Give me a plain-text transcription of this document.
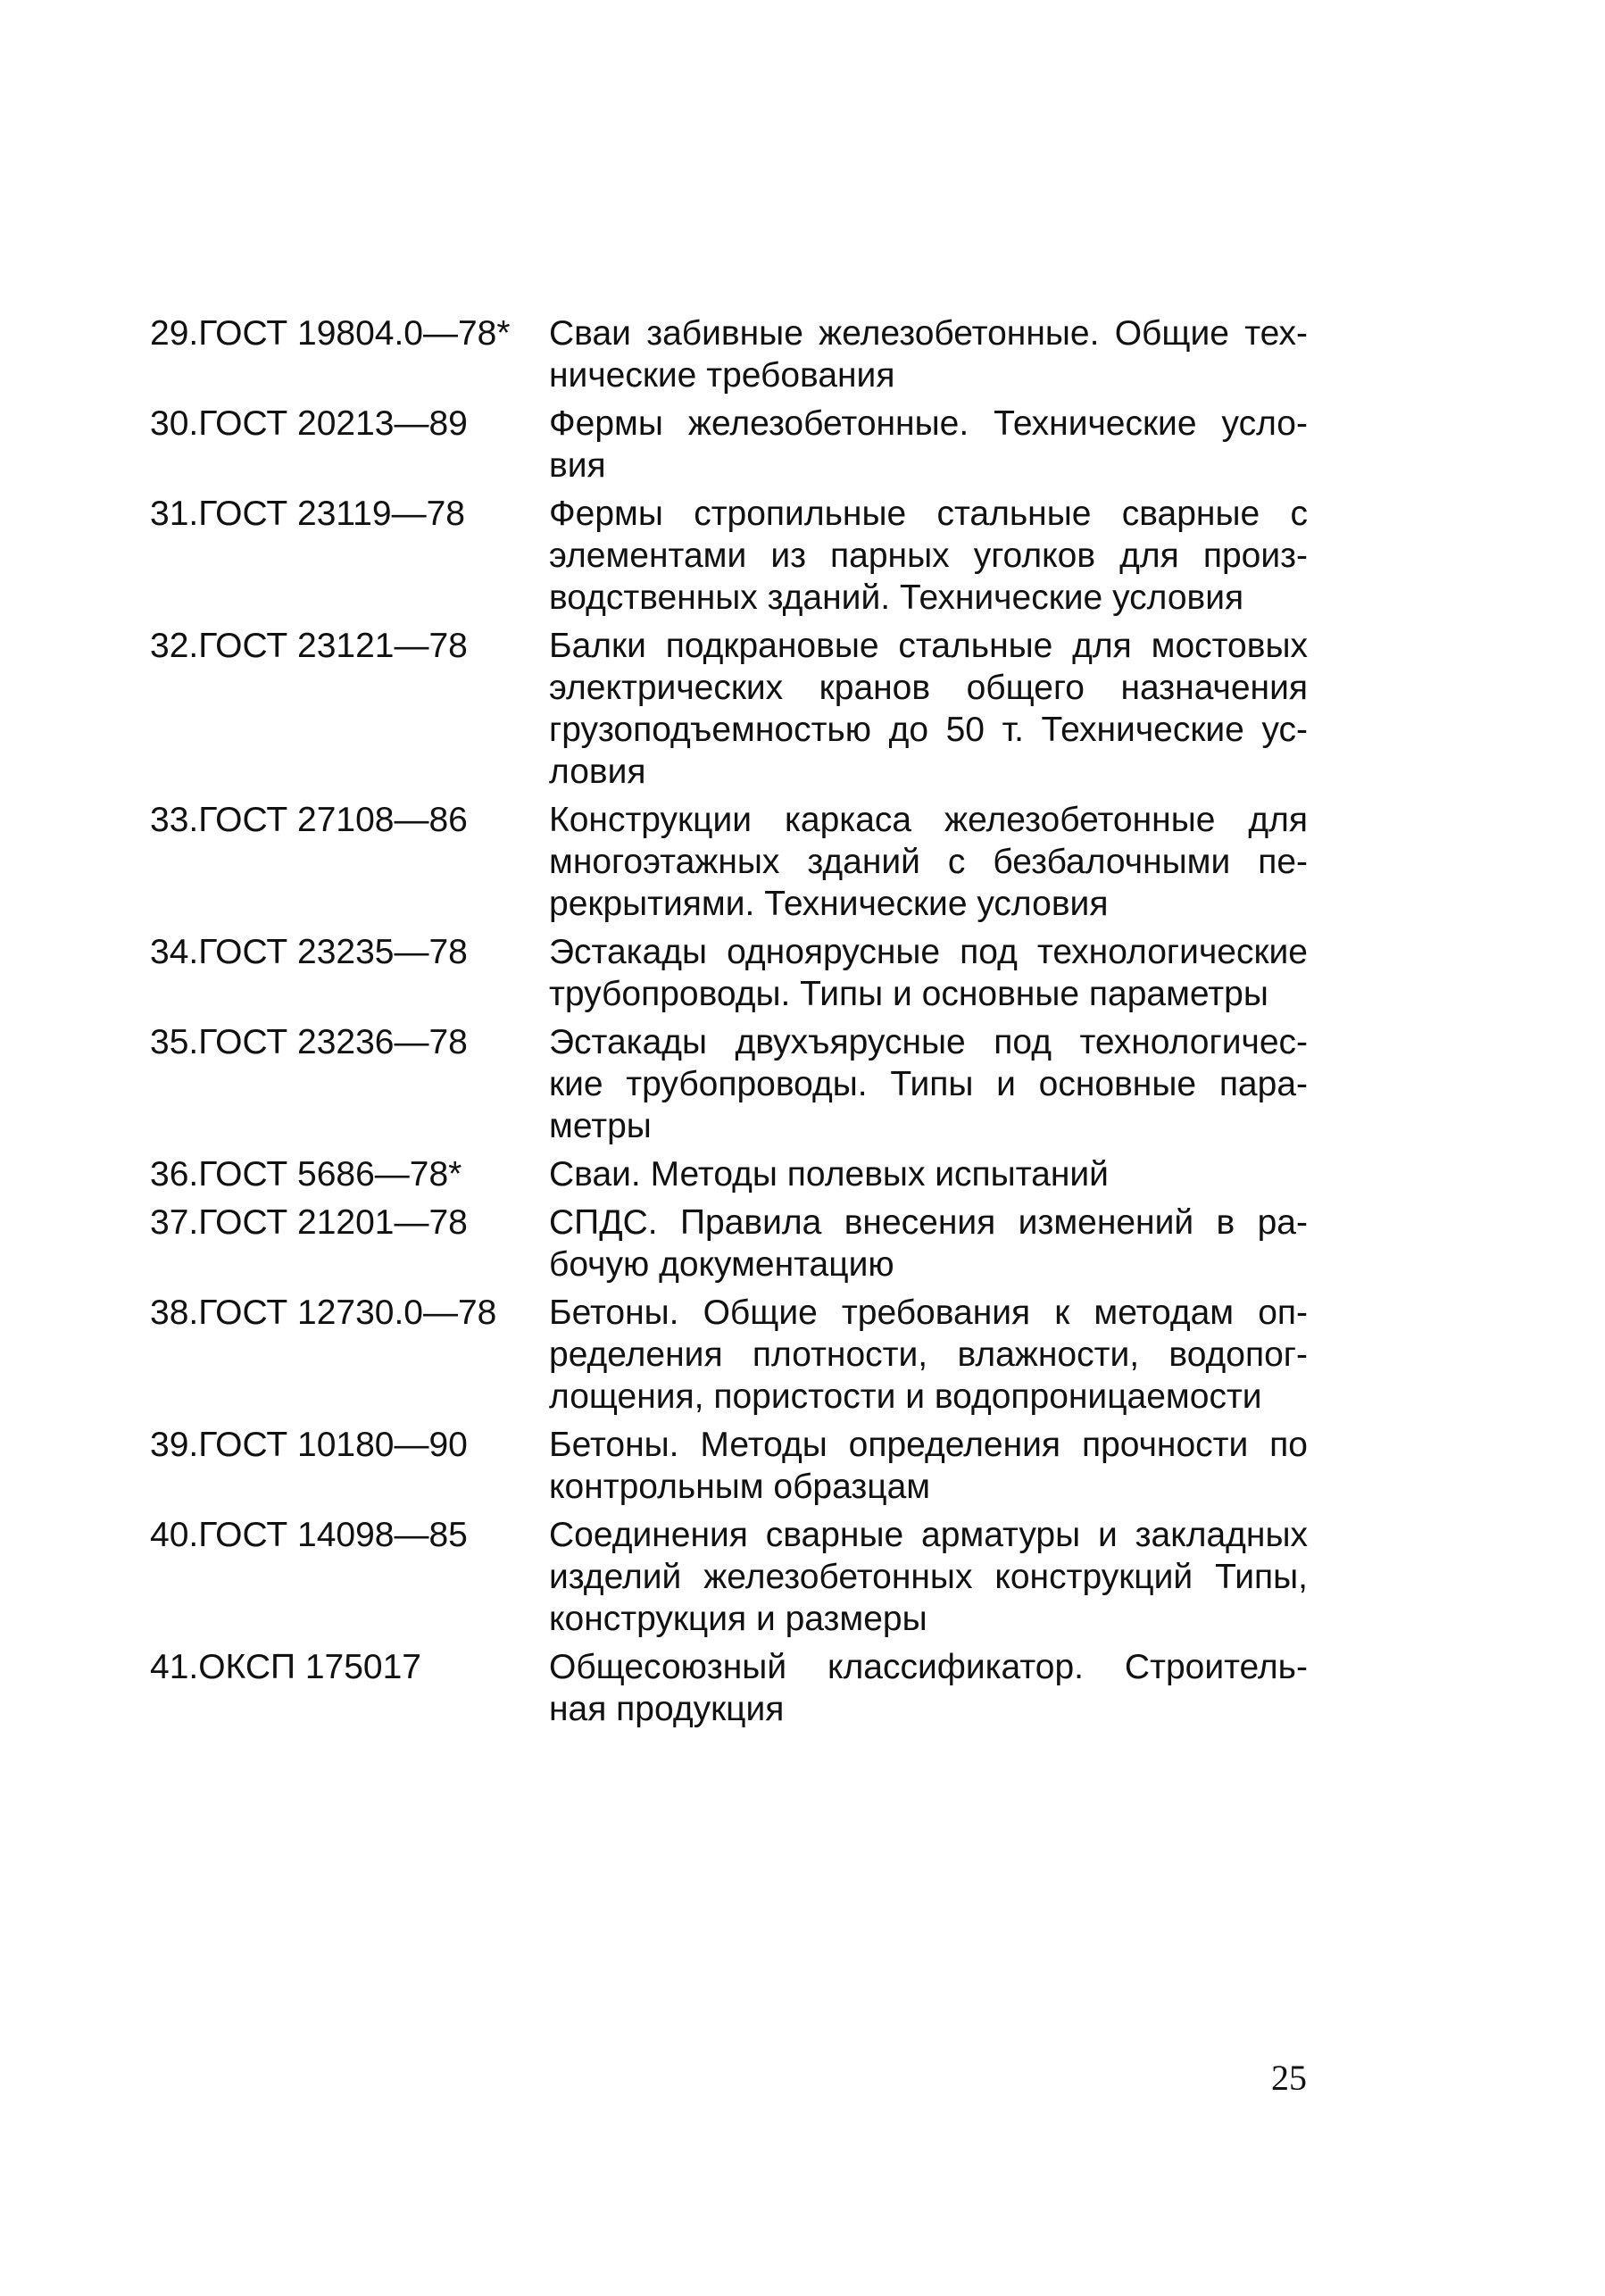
29.ГОСТ 19804.0—78*	Сваи забивные железобетонные. Общие тех-
нические требования
30.ГОСТ 20213—89	Фермы железобетонные. Технические усло-
вия
31.ГОСТ 23119—78	Фермы стропильные стальные сварные с
элементами из парных уголков для произ-
водственных зданий. Технические условия
32.ГОСТ 23121—78	Балки подкрановые стальные для мостовых
электрических кранов общего назначения
грузоподъемностью до 50 т. Технические ус-
ловия
33.ГОСТ 27108—86	Конструкции каркаса железобетонные для
многоэтажных зданий с безбалочными пе-
рекрытиями. Технические условия
34.ГОСТ 23235—78	Эстакады одноярусные под технологические
трубопроводы. Типы и основные параметры
35.ГОСТ 23236—78	Эстакады двухъярусные под технологичес-
кие трубопроводы. Типы и основные пара-
метры
36.ГОСТ 5686—78*	Сваи. Методы полевых испытаний
37.ГОСТ 21201—78	СПДС. Правила внесения изменений в ра-
бочую документацию
38.ГОСТ 12730.0—78	Бетоны. Общие требования к методам оп-
ределения плотности, влажности, водопог-
лощения, пористости и водопроницаемости
39.ГОСТ 10180—90	Бетоны. Методы определения прочности по
контрольным образцам
40.ГОСТ 14098—85	Соединения сварные арматуры и закладных
изделий железобетонных конструкций Типы,
конструкция и размеры
41.ОКСП 175017	Общесоюзный классификатор. Строитель-
ная продукция
25
